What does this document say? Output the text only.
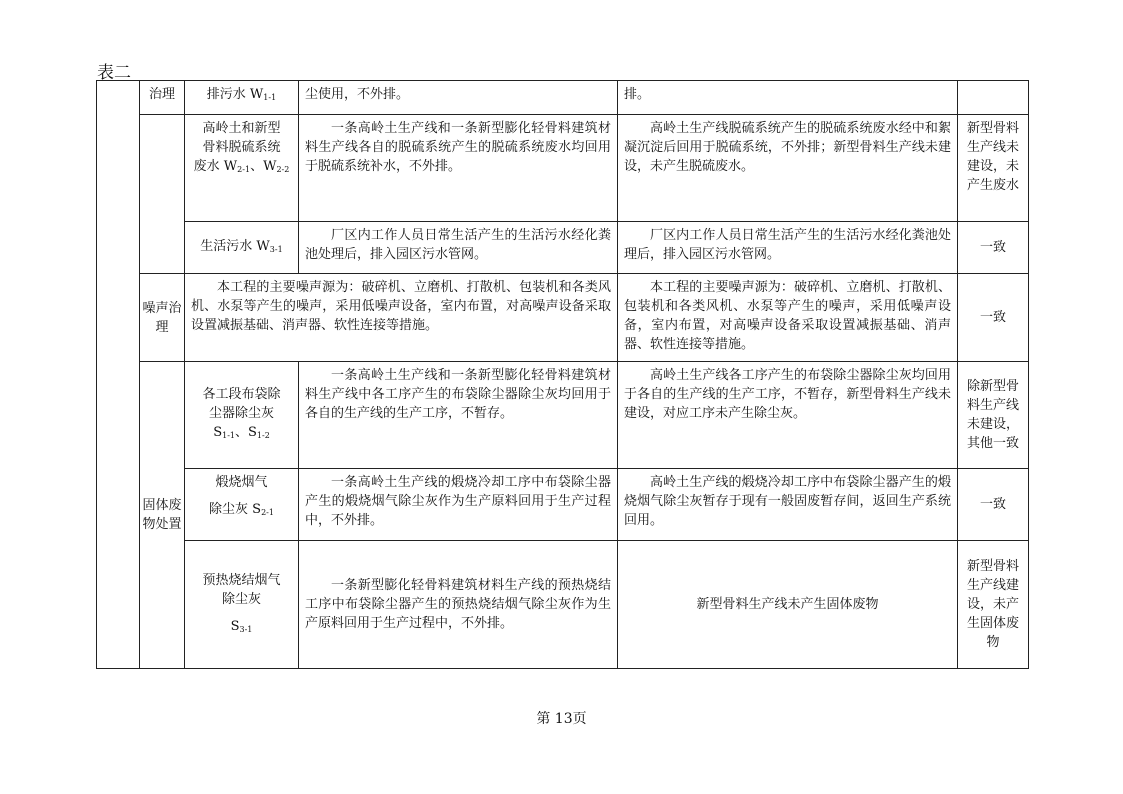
表二
	治理	排污水 $W_{1-1}$	尘使用，不外排。	排。	

		高岭土和新型
骨料脱硫系统
废水 $W_{2-1}$、$W_{2-2}$	一条高岭土生产线和一条新型膨化轻骨料建筑材料生产线各自的脱硫系统产生的脱硫系统废水均回用于脱硫系统补水，不外排。	高岭土生产线脱硫系统产生的脱硫系统废水经中和絮凝沉淀后回用于脱硫系统，不外排；新型骨料生产线未建设，未产生脱硫废水。	新型骨料生产线未建设，未产生废水
		生活污水 $W_{3-1}$	厂区内工作人员日常生活产生的生活污水经化粪池处理后，排入园区污水管网。	厂区内工作人员日常生活产生的生活污水经化粪池处理后，排入园区污水管网。	一致
	噪声治理	本工程的主要噪声源为：破碎机、立磨机、打散机、包装机和各类风机、水泵等产生的噪声，采用低噪声设备，室内布置，对高噪声设备采取设置减振基础、消声器、软性连接等措施。		本工程的主要噪声源为：破碎机、立磨机、打散机、包装机和各类风机、水泵等产生的噪声，采用低噪声设备，室内布置，对高噪声设备采取设置减振基础、消声器、软性连接等措施。	一致
	固体废物处置	各工段布袋除
尘器除尘灰
$S_{1-1}$、$S_{1-2}$	一条高岭土生产线和一条新型膨化轻骨料建筑材料生产线中各工序产生的布袋除尘器除尘灰均回用于各自的生产线的生产工序，不暂存。	高岭土生产线各工序产生的布袋除尘器除尘灰均回用于各自的生产线的生产工序，不暂存，新型骨料生产线未建设，对应工序未产生除尘灰。	除新型骨料生产线未建设，其他一致

		煅烧烟气
除尘灰 $S_{2-1}$	一条高岭土生产线的煅烧冷却工序中布袋除尘器产生的煅烧烟气除尘灰作为生产原料回用于生产过程中，不外排。	高岭土生产线的煅烧冷却工序中布袋除尘器产生的煅烧烟气除尘灰暂存于现有一般固废暂存间，返回生产系统回用。	一致

		预热烧结烟气
除尘灰
$S_{3-1}$	一条新型膨化轻骨料建筑材料生产线的预热烧结工序中布袋除尘器产生的预热烧结烟气除尘灰作为生产原料回用于生产过程中，不外排。	新型骨料生产线未产生固体废物	新型骨料生产线建设，未产生固体废物
第 13页
